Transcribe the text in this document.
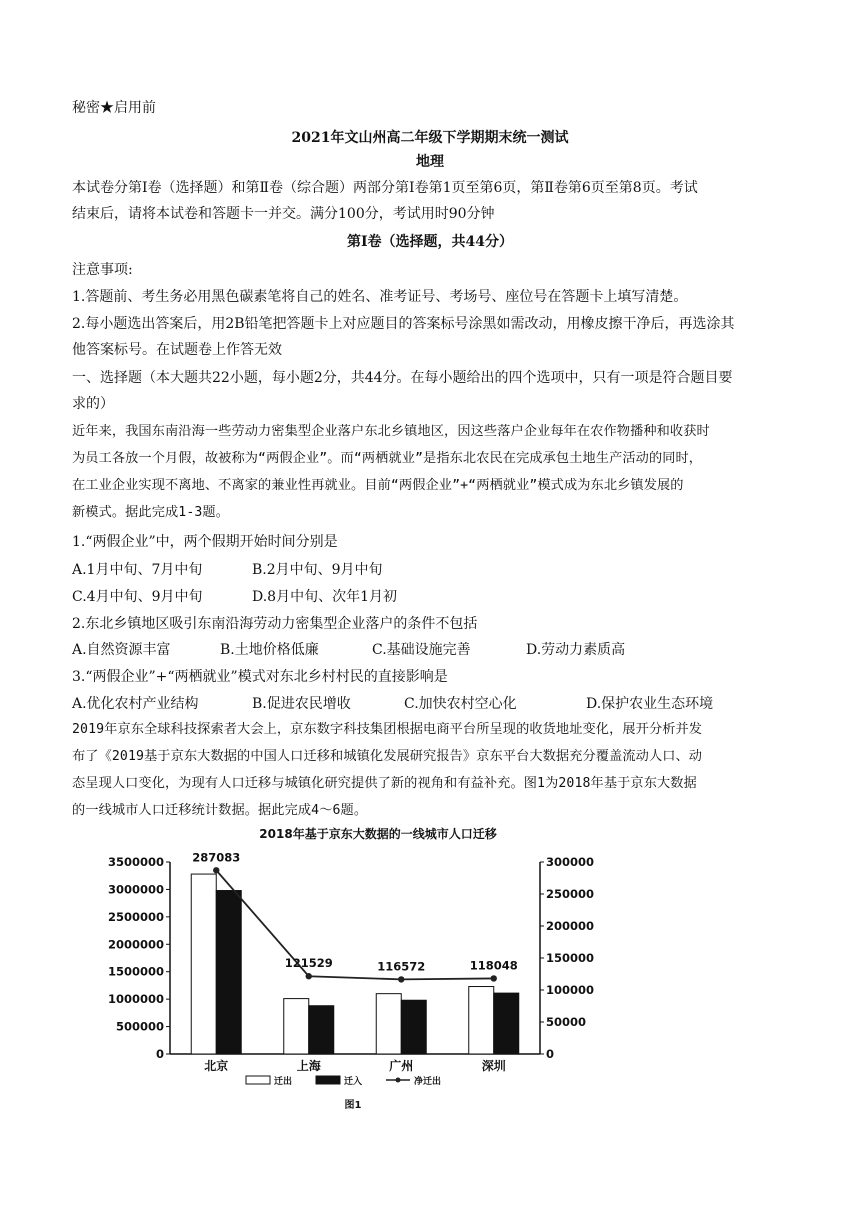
秘密★启用前
2021年文山州高二年级下学期期末统一测试
地理
本试卷分第Ⅰ卷（选择题）和第Ⅱ卷（综合题）两部分第Ⅰ卷第1页至第6页，第Ⅱ卷第6页至第8页。考试
结束后，请将本试卷和答题卡一并交。满分100分，考试用时90分钟
第Ⅰ卷（选择题，共44分）
注意事项:
1.答题前、考生务必用黑色碳素笔将自己的姓名、准考证号、考场号、座位号在答题卡上填写清楚。
2.每小题选出答案后，用2B铅笔把答题卡上对应题目的答案标号涂黑如需改动，用橡皮擦干净后，再选涂其
他答案标号。在试题卷上作答无效
一、选择题（本大题共22小题，每小题2分，共44分。在每小题给出的四个选项中，只有一项是符合题目要
求的）
近年来，我国东南沿海一些劳动力密集型企业落户东北乡镇地区，因这些落户企业每年在农作物播种和收获时
为员工各放一个月假，故被称为“两假企业”。而“两栖就业”是指东北农民在完成承包土地生产活动的同时，
在工业企业实现不离地、不离家的兼业性再就业。目前“两假企业”+“两栖就业”模式成为东北乡镇发展的
新模式。据此完成1-3题。
1.“两假企业”中，两个假期开始时间分别是
A.1月中旬、7月中旬	B.2月中旬、9月中旬
C.4月中旬、9月中旬	D.8月中旬、次年1月初
2.东北乡镇地区吸引东南沿海劳动力密集型企业落户的条件不包括
A.自然资源丰富	B.土地价格低廉	C.基础设施完善	D.劳动力素质高
3.“两假企业”+“两栖就业”模式对东北乡村村民的直接影响是
A.优化农村产业结构	B.促进农民增收	C.加快农村空心化	D.保护农业生态环境
2019年京东全球科技探索者大会上，京东数字科技集团根据电商平台所呈现的收货地址变化，展开分析并发
布了《2019基于京东大数据的中国人口迁移和城镇化发展研究报告》京东平台大数据充分覆盖流动人口、动
态呈现人口变化，为现有人口迁移与城镇化研究提供了新的视角和有益补充。图1为2018年基于京东大数据
的一线城市人口迁移统计数据。据此完成4～6题。
2018年基于京东大数据的一线城市人口迁移
0
500000
1000000
1500000
2000000
2500000
3000000
3500000
0
50000
100000
150000
200000
250000
300000
北京	上海	广州	深圳
287083
121529	116572	118048
迁出	迁入	净迁出
图1
